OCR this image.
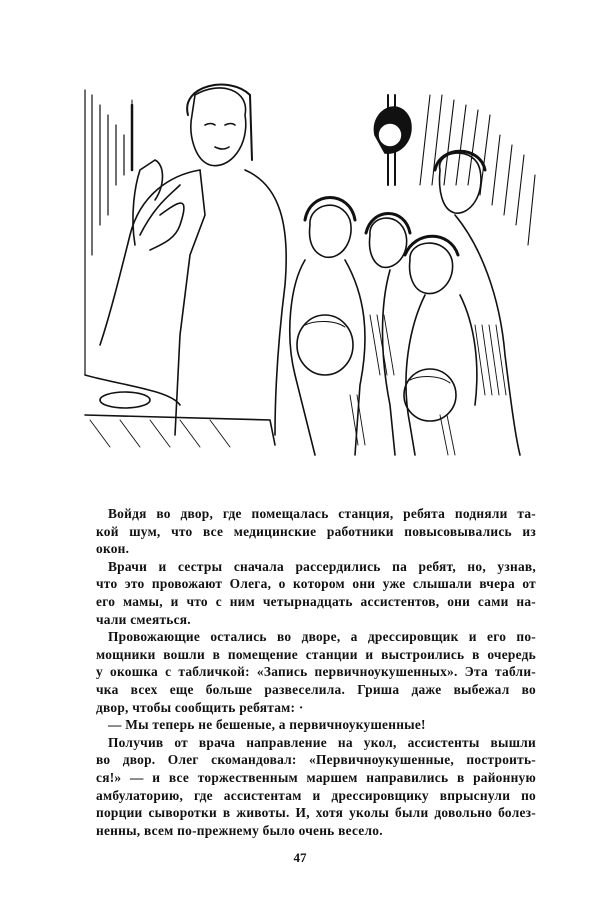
Войдя во двор, где помещалась станция, ребята подняли та-
кой шум, что все медицинские работники повысовывались из
окон.

Врачи и сестры сначала рассердились па ребят, но, узнав,
что это провожают Олега, о котором они уже слышали вчера от
его мамы, и что с ним четырнадцать ассистентов, они сами на-
чали смеяться.

Провожающие остались во дворе, а дрессировщик и его по-
мощники вошли в помещение станции и выстроились в очередь
у окошка с табличкой: «Запись первичноукушенных». Эта табли-
чка всех еще больше развеселила. Гриша даже выбежал во
двор, чтобы сообщить ребятам: ·

— Мы теперь не бешеные, а первичноукушенные!

Получив от врача направление на укол, ассистенты вышли
во двор. Олег скомандовал: «Первичноукушенные, построить-
ся!» — и все торжественным маршем направились в районную
амбулаторию, где ассистентам и дрессировщику впрыснули по
порции сыворотки в животы. И, хотя уколы были довольно болез-
ненны, всем по-прежнему было очень весело.

47
